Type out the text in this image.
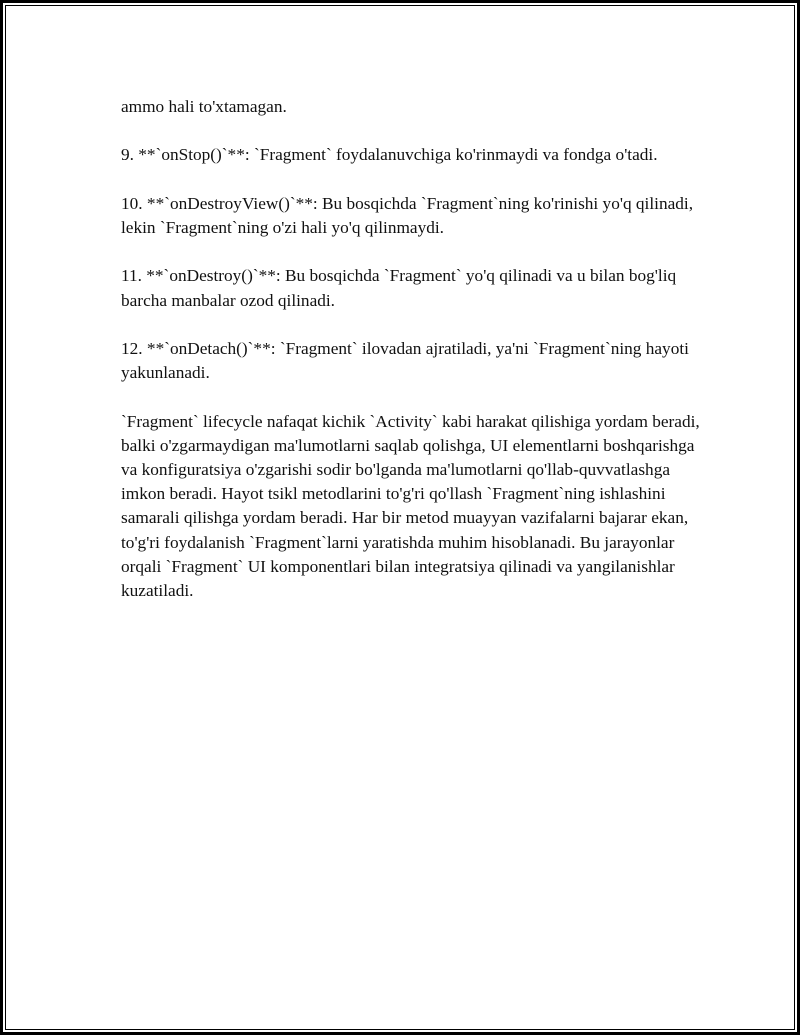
ammo hali to'xtamagan.

9. **`onStop()`**: `Fragment` foydalanuvchiga ko'rinmaydi va fondga o'tadi.

10. **`onDestroyView()`**: Bu bosqichda `Fragment`ning ko'rinishi yo'q qilinadi, lekin `Fragment`ning o'zi hali yo'q qilinmaydi.

11. **`onDestroy()`**: Bu bosqichda `Fragment` yo'q qilinadi va u bilan bog'liq barcha manbalar ozod qilinadi.

12. **`onDetach()`**: `Fragment` ilovadan ajratiladi, ya'ni `Fragment`ning hayoti yakunlanadi.

`Fragment` lifecycle nafaqat kichik `Activity` kabi harakat qilishiga yordam beradi, balki o'zgarmaydigan ma'lumotlarni saqlab qolishga, UI elementlarni boshqarishga va konfiguratsiya o'zgarishi sodir bo'lganda ma'lumotlarni qo'llab-quvvatlashga imkon beradi. Hayot tsikl metodlarini to'g'ri qo'llash `Fragment`ning ishlashini samarali qilishga yordam beradi. Har bir metod muayyan vazifalarni bajarar ekan, to'g'ri foydalanish `Fragment`larni yaratishda muhim hisoblanadi. Bu jarayonlar orqali `Fragment` UI komponentlari bilan integratsiya qilinadi va yangilanishlar kuzatiladi.
